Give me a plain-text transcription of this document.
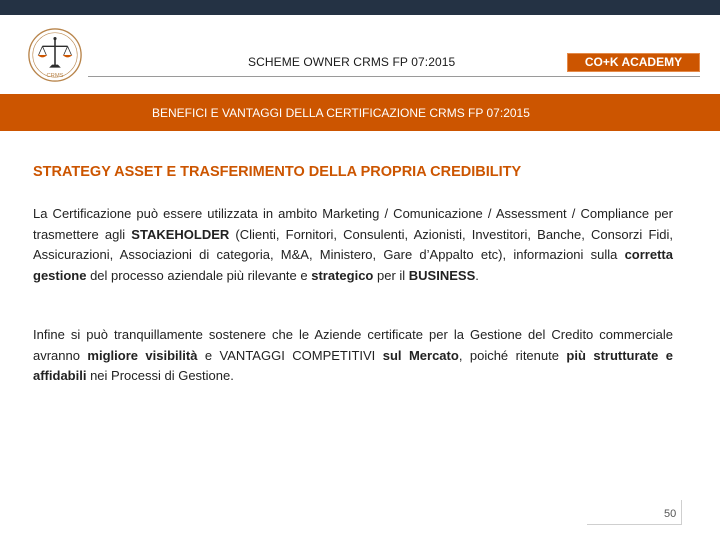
CRMS
SCHEME OWNER CRMS FP 07:2015	CO+K ACADEMY
BENEFICI E VANTAGGI DELLA CERTIFICAZIONE CRMS FP 07:2015
STRATEGY ASSET E TRASFERIMENTO DELLA PROPRIA CREDIBILITY

La Certificazione può essere utilizzata in ambito Marketing / Comunicazione / Assessment / Compliance per trasmettere agli STAKEHOLDER (Clienti, Fornitori, Consulenti, Azionisti, Investitori, Banche, Consorzi Fidi, Assicurazioni, Associazioni di categoria, M&A, Ministero, Gare d’Appalto etc), informazioni sulla corretta gestione del processo aziendale più rilevante e strategico per il BUSINESS.

Infine si può tranquillamente sostenere che le Aziende certificate per la Gestione del Credito commerciale avranno migliore visibilità e VANTAGGI COMPETITIVI sul Mercato, poiché ritenute più strutturate e affidabili nei Processi di Gestione.

50
